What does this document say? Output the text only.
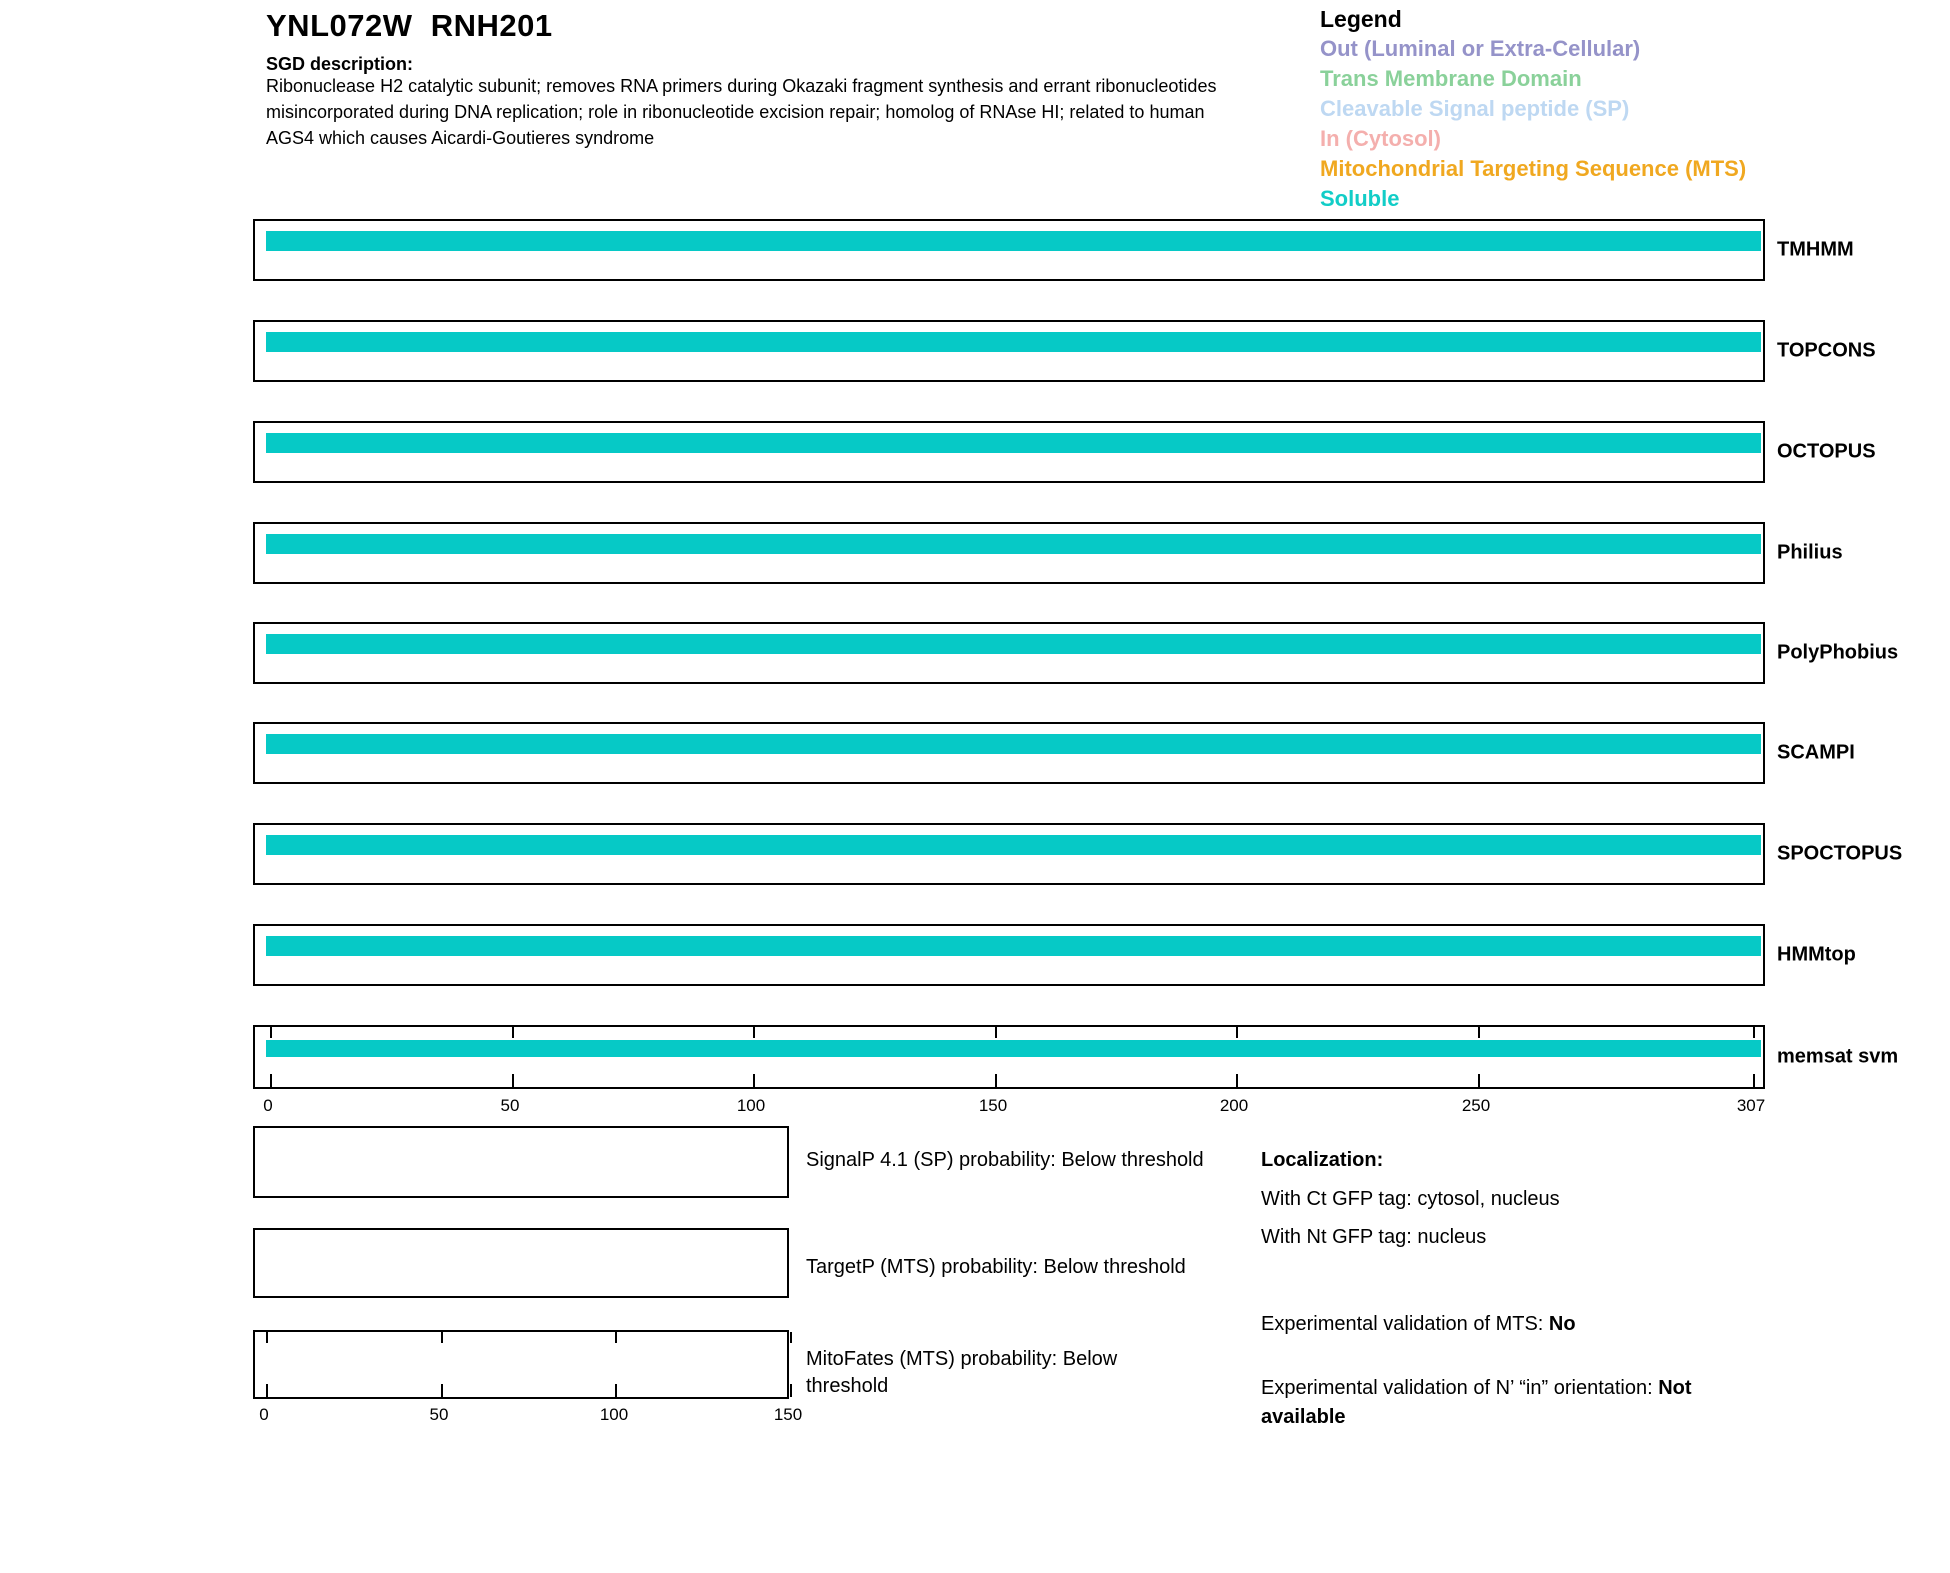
YNL072W  RNH201
SGD description:
Ribonuclease H2 catalytic subunit; removes RNA primers during Okazaki fragment synthesis and errant ribonucleotides misincorporated during DNA replication; role in ribonucleotide excision repair; homolog of RNAse HI; related to human AGS4 which causes Aicardi-Goutieres syndrome
Legend
Out (Luminal or Extra-Cellular)
Trans Membrane Domain
Cleavable Signal peptide (SP)
In (Cytosol)
Mitochondrial Targeting Sequence (MTS)
Soluble
TMHMM
TOPCONS
OCTOPUS
Philius
PolyPhobius
SCAMPI
SPOCTOPUS
HMMtop
memsat svm
0	50	100	150	200	250	307
SignalP 4.1 (SP) probability: Below threshold
TargetP (MTS) probability: Below threshold
MitoFates (MTS) probability: Below threshold
0	50	100	150
Localization:
With Ct GFP tag: cytosol, nucleus
With Nt GFP tag: nucleus
Experimental validation of MTS: No
Experimental validation of N’ “in” orientation: Not available
